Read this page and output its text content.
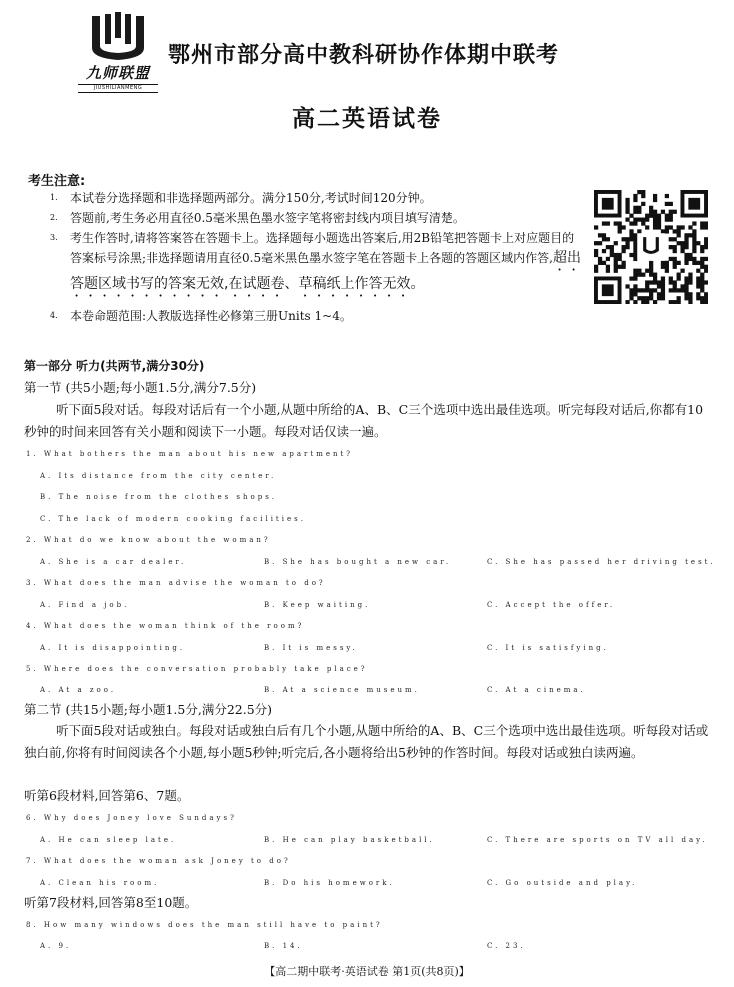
九师联盟
JIUSHILIANMENG
鄂州市部分高中教科研协作体期中联考
高二英语试卷
考生注意:
1.	本试卷分选择题和非选择题两部分。满分150分,考试时间120分钟。
2.	答题前,考生务必用直径0.5毫米黑色墨水签字笔将密封线内项目填写清楚。
3.	考生作答时,请将答案答在答题卡上。选择题每小题选出答案后,用2B铅笔把答题卡上对应题目的答案标号涂黑;非选择题请用直径0.5毫米黑色墨水签字笔在答题卡上各题的答题区域内作答,超出答题区域书写的答案无效,在试题卷、草稿纸上作答无效。
4.	本卷命题范围:人教版选择性必修第三册Units 1~4。
第一部分 听力(共两节,满分30分)
第一节 (共5小题;每小题1.5分,满分7.5分)
听下面5段对话。每段对话后有一个小题,从题中所给的A、B、C三个选项中选出最佳选项。听完每段对话后,你都有10秒钟的时间来回答有关小题和阅读下一小题。每段对话仅读一遍。
1. What bothers the man about his new apartment?
A. Its distance from the city center.
B. The noise from the clothes shops.
C. The lack of modern cooking facilities.
2. What do we know about the woman?
A. She is a car dealer.	B. She has bought a new car.	C. She has passed her driving test.
3. What does the man advise the woman to do?
A. Find a job.	B. Keep waiting.	C. Accept the offer.
4. What does the woman think of the room?
A. It is disappointing.	B. It is messy.	C. It is satisfying.
5. Where does the conversation probably take place?
A. At a zoo.	B. At a science museum.	C. At a cinema.
第二节 (共15小题;每小题1.5分,满分22.5分)
听下面5段对话或独白。每段对话或独白后有几个小题,从题中所给的A、B、C三个选项中选出最佳选项。听每段对话或独白前,你将有时间阅读各个小题,每小题5秒钟;听完后,各小题将给出5秒钟的作答时间。每段对话或独白读两遍。
听第6段材料,回答第6、7题。
6. Why does Joney love Sundays?
A. He can sleep late.	B. He can play basketball.	C. There are sports on TV all day.
7. What does the woman ask Joney to do?
A. Clean his room.	B. Do his homework.	C. Go outside and play.
听第7段材料,回答第8至10题。
8. How many windows does the man still have to paint?
A. 9.	B. 14.	C. 23.
【高二期中联考·英语试卷 第1页(共8页)】
